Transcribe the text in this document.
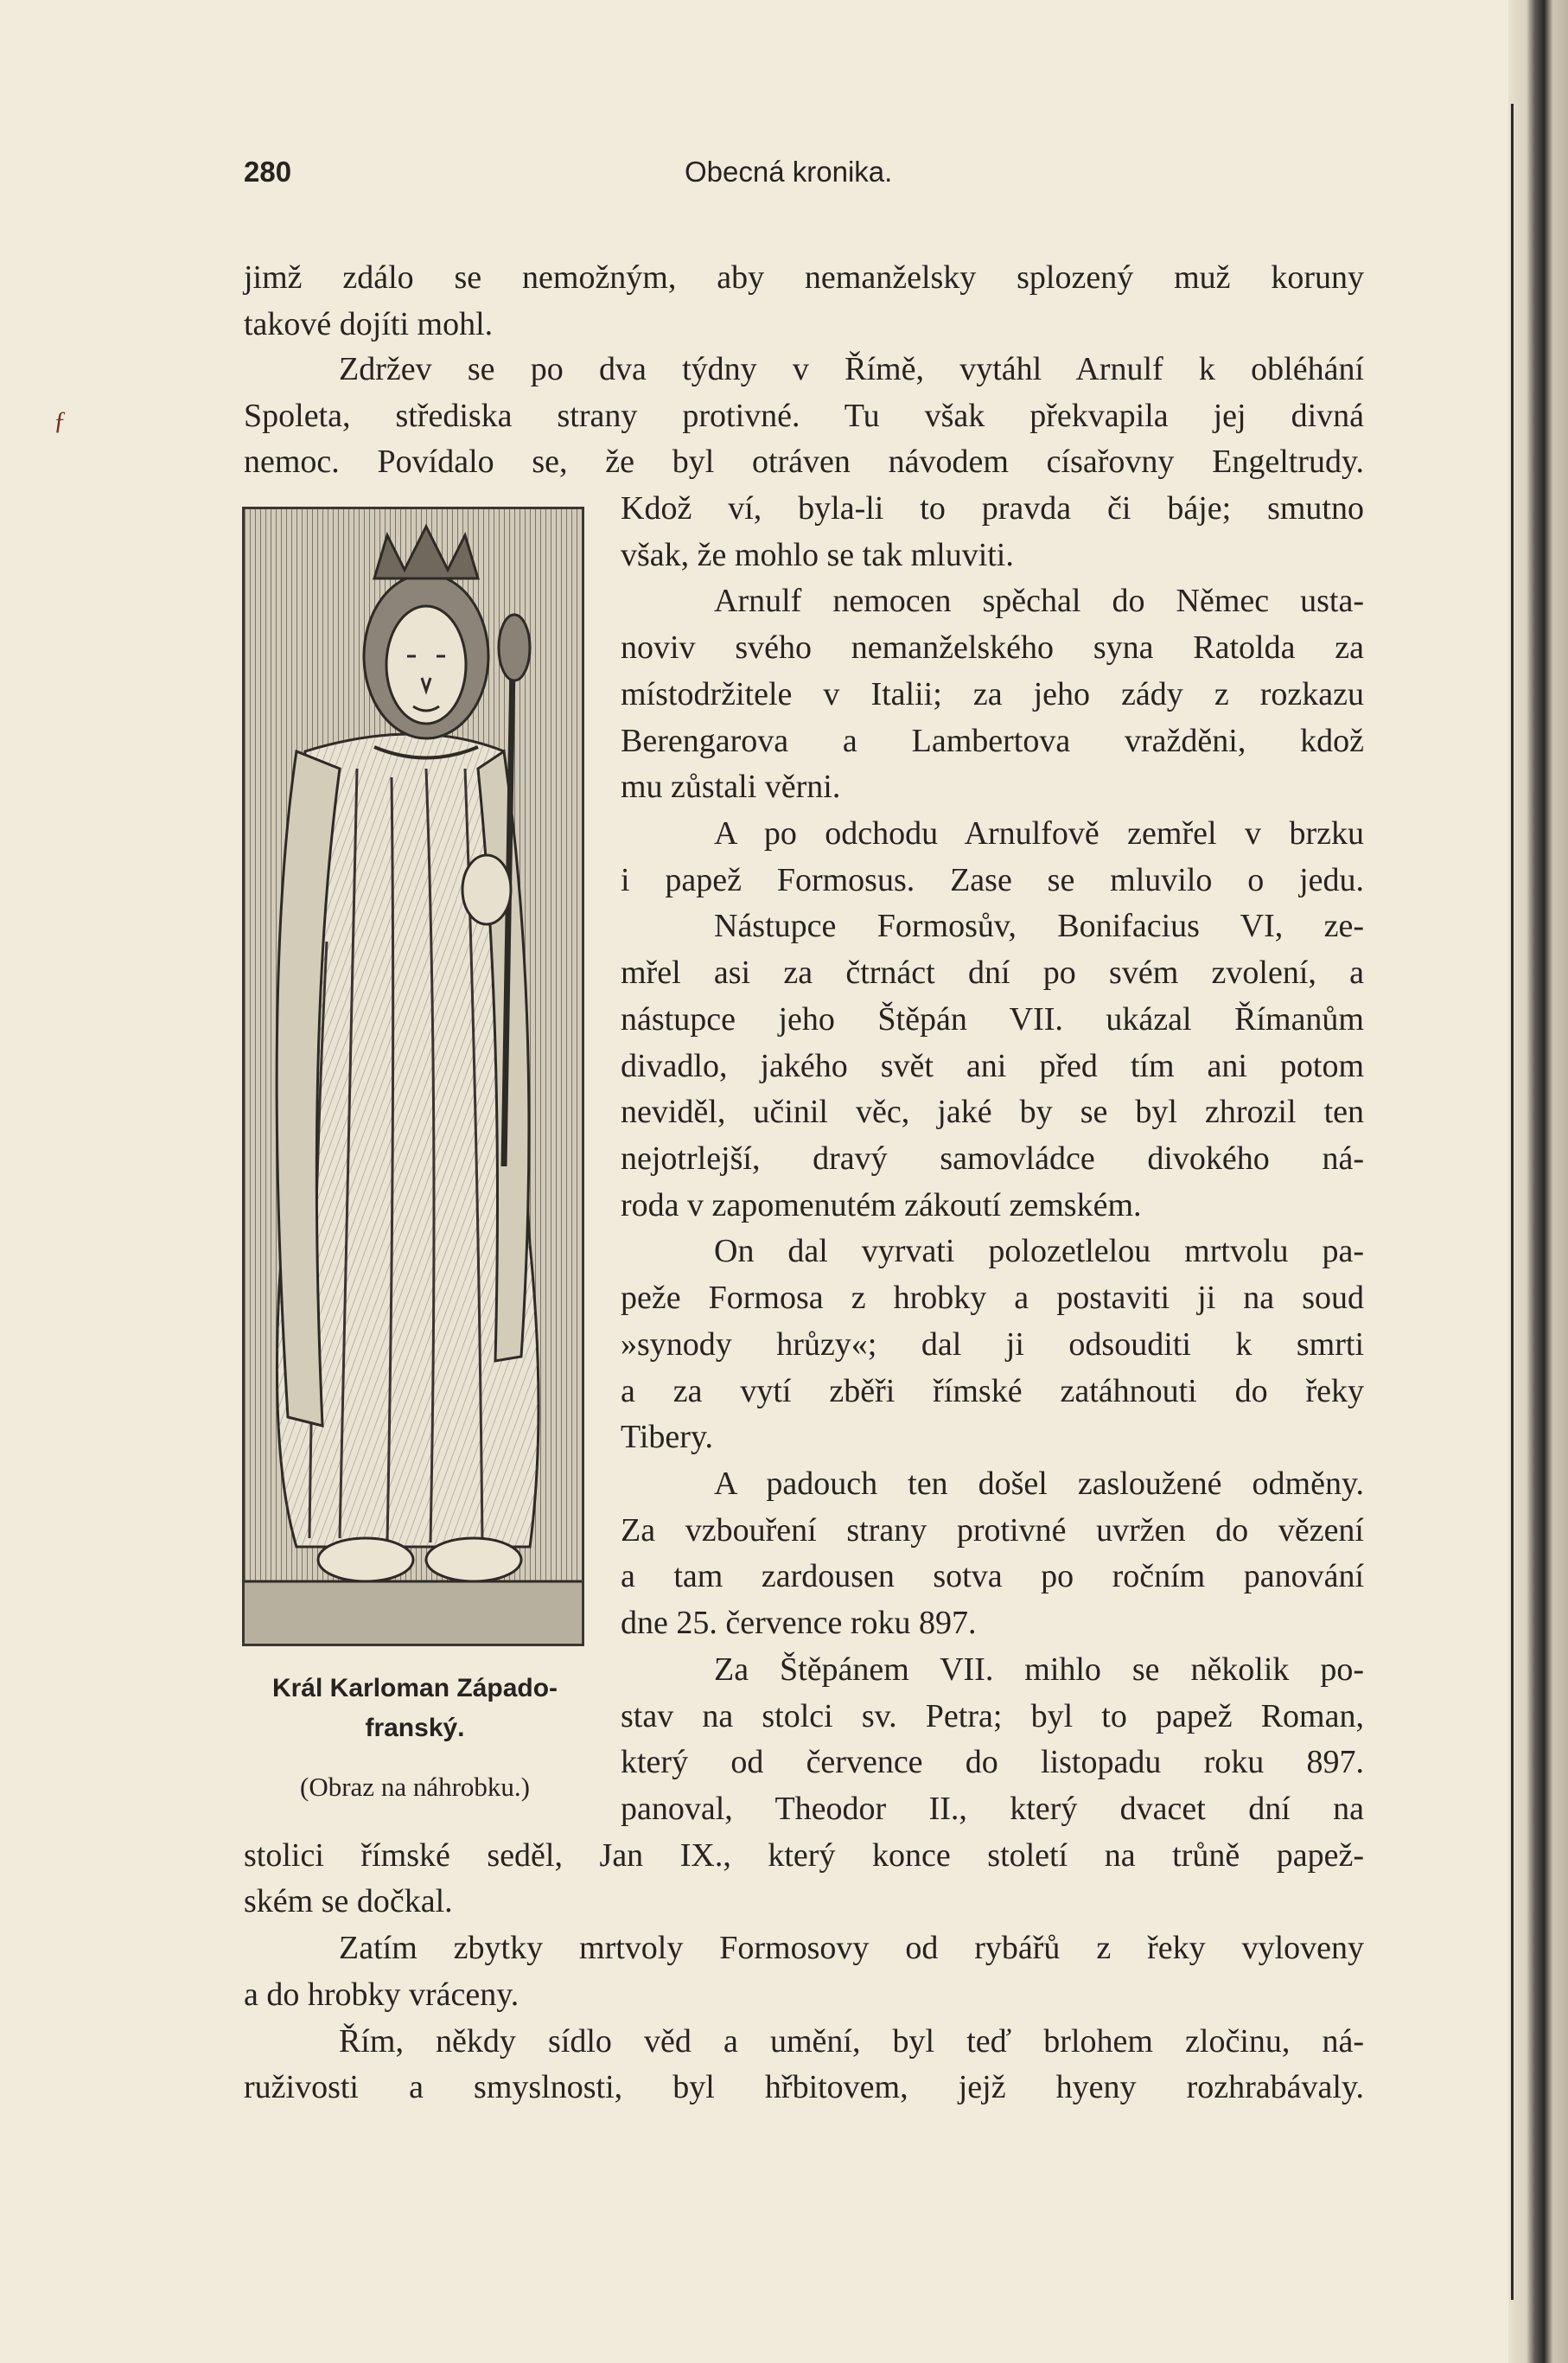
ƒ
280	Obecná kronika.
jimž zdálo se nemožným, aby nemanželsky splozený muž koruny
takové dojíti mohl.
Zdržev se po dva týdny v Římě, vytáhl Arnulf k obléhání
Spoleta, střediska strany protivné. Tu však překvapila jej divná
nemoc. Povídalo se, že byl otráven návodem císařovny Engeltrudy.
Kdož ví, byla-li to pravda či báje; smutno
však, že mohlo se tak mluviti.
Arnulf nemocen spěchal do Němec usta-
noviv svého nemanželského syna Ratolda za
místodržitele v Italii; za jeho zády z rozkazu
Berengarova a Lambertova vražděni, kdož
mu zůstali věrni.
A po odchodu Arnulfově zemřel v brzku
i papež Formosus. Zase se mluvilo o jedu.
Nástupce Formosův, Bonifacius VI, ze-
mřel asi za čtrnáct dní po svém zvolení, a
nástupce jeho Štěpán VII. ukázal Římanům
divadlo, jakého svět ani před tím ani potom
neviděl, učinil věc, jaké by se byl zhrozil ten
nejotrlejší, dravý samovládce divokého ná-
roda v zapomenutém zákoutí zemském.
On dal vyrvati polozetlelou mrtvolu pa-
peže Formosa z hrobky a postaviti ji na soud
»synody hrůzy«; dal ji odsouditi k smrti
a za vytí zběři římské zatáhnouti do řeky
Tibery.
A padouch ten došel zasloužené odměny.
Za vzbouření strany protivné uvržen do vězení
a tam zardousen sotva po ročním panování
dne 25. července roku 897.
Za Štěpánem VII. mihlo se několik po-
stav na stolci sv. Petra; byl to papež Roman,
který od července do listopadu roku 897.
panoval, Theodor II., který dvacet dní na
stolici římské seděl, Jan IX., který konce století na trůně papež-
ském se dočkal.
Zatím zbytky mrtvoly Formosovy od rybářů z řeky vyloveny
a do hrobky vráceny.
Řím, někdy sídlo věd a umění, byl teď brlohem zločinu, ná-
ruživosti a smyslnosti, byl hřbitovem, jejž hyeny rozhrabávaly.
Král Karloman Západo-franský.
(Obraz na náhrobku.)
